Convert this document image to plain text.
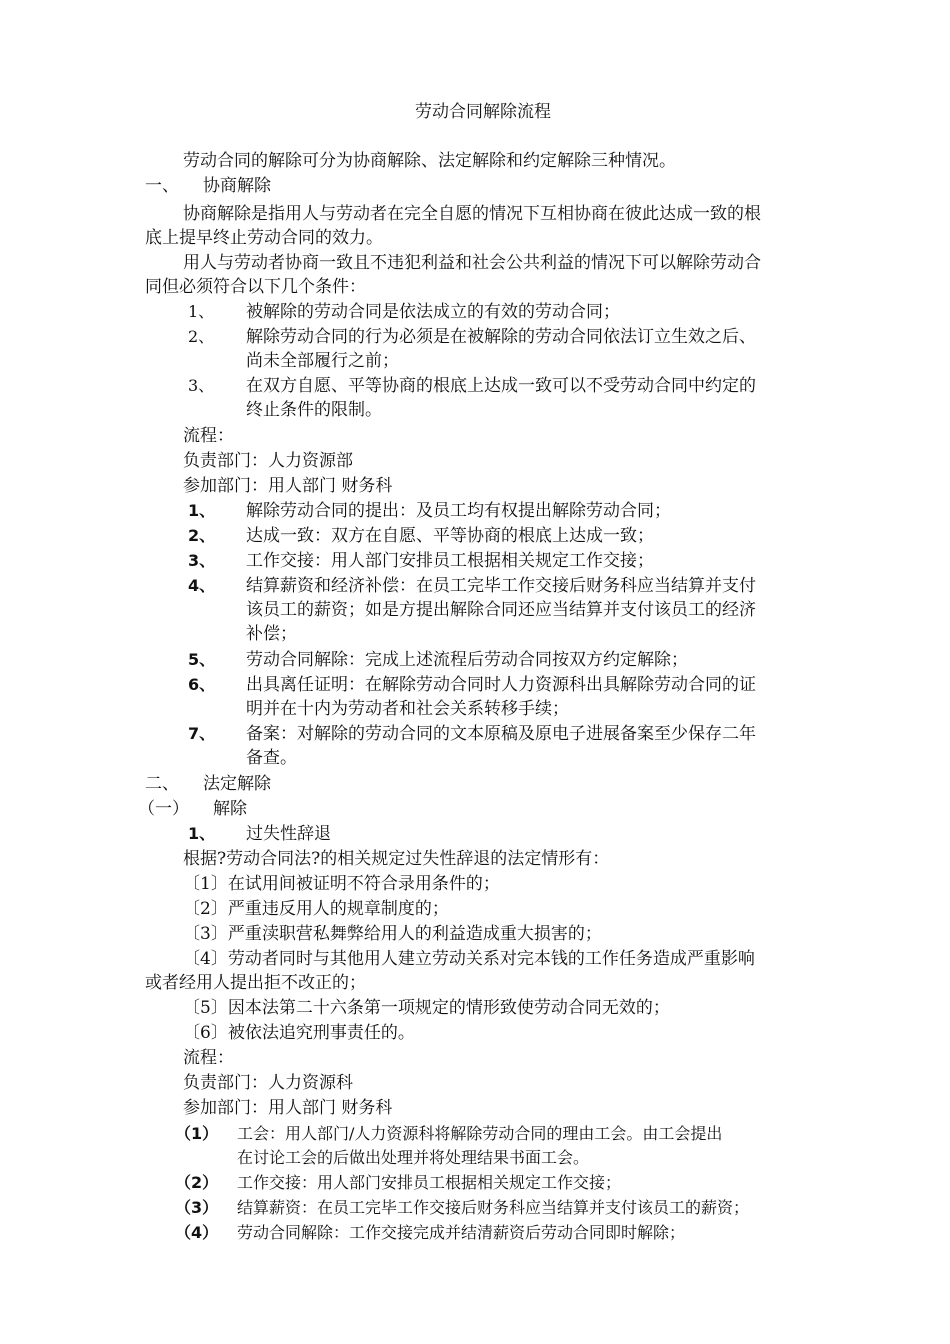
劳动合同解除流程
劳动合同的解除可分为协商解除、法定解除和约定解除三种情况。
一、 协商解除
协商解除是指用人与劳动者在完全自愿的情况下互相协商在彼此达成一致的根
底上提早终止劳动合同的效力。
用人与劳动者协商一致且不违犯利益和社会公共利益的情况下可以解除劳动合
同但必须符合以下几个条件：
1、 被解除的劳动合同是依法成立的有效的劳动合同；
2、 解除劳动合同的行为必须是在被解除的劳动合同依法订立生效之后、
尚未全部履行之前；
3、 在双方自愿、平等协商的根底上达成一致可以不受劳动合同中约定的
终止条件的限制。
流程：
负责部门：人力资源部
参加部门：用人部门 财务科
1、 解除劳动合同的提出：及员工均有权提出解除劳动合同；
2、 达成一致：双方在自愿、平等协商的根底上达成一致；
3、 工作交接：用人部门安排员工根据相关规定工作交接；
4、 结算薪资和经济补偿：在员工完毕工作交接后财务科应当结算并支付
该员工的薪资；如是方提出解除合同还应当结算并支付该员工的经济
补偿；
5、 劳动合同解除：完成上述流程后劳动合同按双方约定解除；
6、 出具离任证明：在解除劳动合同时人力资源科出具解除劳动合同的证
明并在十内为劳动者和社会关系转移手续；
7、 备案：对解除的劳动合同的文本原稿及原电子进展备案至少保存二年
备查。
二、 法定解除
（一） 解除
1、 过失性辞退
根据?劳动合同法?的相关规定过失性辞退的法定情形有：
〔1〕在试用间被证明不符合录用条件的；
〔2〕严重违反用人的规章制度的；
〔3〕严重渎职营私舞弊给用人的利益造成重大损害的；
〔4〕劳动者同时与其他用人建立劳动关系对完本钱的工作任务造成严重影响
或者经用人提出拒不改正的；
〔5〕因本法第二十六条第一项规定的情形致使劳动合同无效的；
〔6〕被依法追究刑事责任的。
流程：
负责部门：人力资源科
参加部门：用人部门 财务科
（1） 工会：用人部门/人力资源科将解除劳动合同的理由工会。由工会提出
在讨论工会的后做出处理并将处理结果书面工会。
（2） 工作交接：用人部门安排员工根据相关规定工作交接；
（3） 结算薪资：在员工完毕工作交接后财务科应当结算并支付该员工的薪资；
（4） 劳动合同解除：工作交接完成并结清薪资后劳动合同即时解除；
